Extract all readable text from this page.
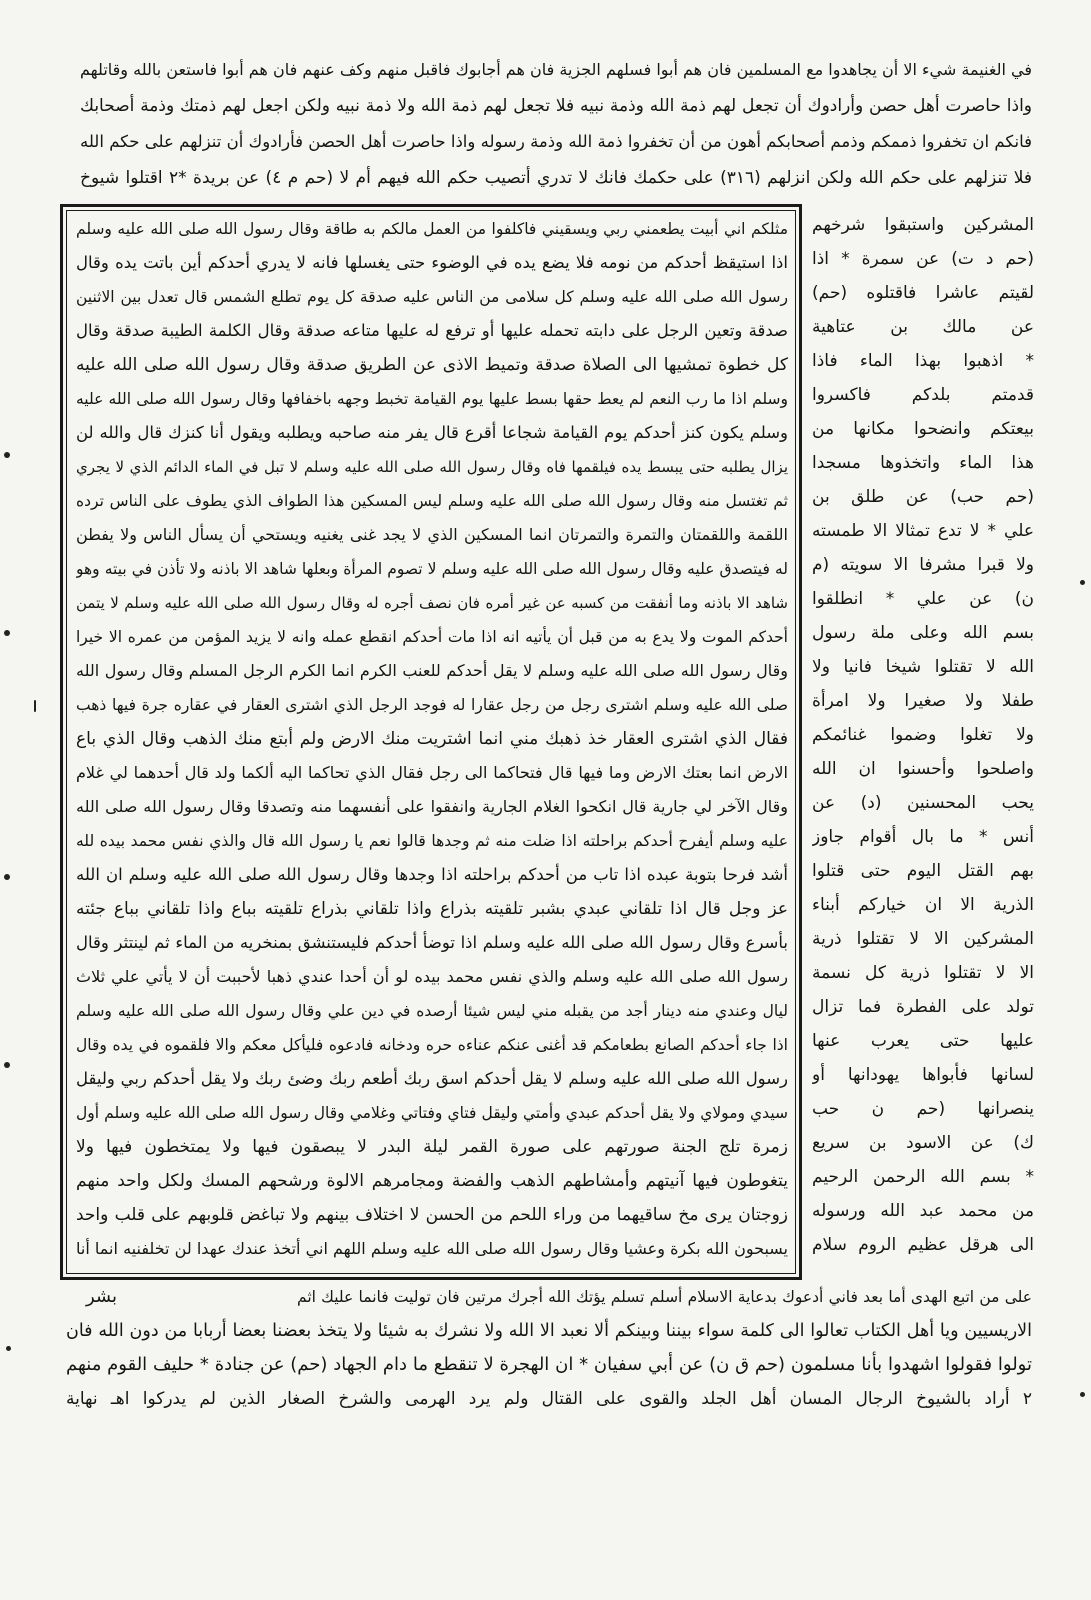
في الغنيمة شيء الا أن يجاهدوا مع المسلمين فان هم أبوا فسلهم الجزية فان هم أجابوك فاقبل منهم وكف عنهم فان هم أبوا فاستعن بالله وقاتلهم
واذا حاصرت أهل حصن وأرادوك أن تجعل لهم ذمة الله وذمة نبيه فلا تجعل لهم ذمة الله ولا ذمة نبيه ولكن اجعل لهم ذمتك وذمة أصحابك
فانكم ان تخفروا ذممكم وذمم أصحابكم أهون من أن تخفروا ذمة الله وذمة رسوله واذا حاصرت أهل الحصن فأرادوك أن تنزلهم على حكم الله
فلا تنزلهم على حكم الله ولكن انزلهم (٣١٦) على حكمك فانك لا تدري أتصيب حكم الله فيهم أم لا (حم م ٤) عن بريدة *٢ اقتلوا شيوخ
مثلكم اني أبيت يطعمني ربي ويسقيني فاكلفوا من العمل مالكم به طاقة وقال رسول الله صلى الله عليه وسلم
اذا استيقظ أحدكم من نومه فلا يضع يده في الوضوء حتى يغسلها فانه لا يدري أحدكم أين باتت يده وقال
رسول الله صلى الله عليه وسلم كل سلامى من الناس عليه صدقة كل يوم تطلع الشمس قال تعدل بين الاثنين
صدقة وتعين الرجل على دابته تحمله عليها أو ترفع له عليها متاعه صدقة وقال الكلمة الطيبة صدقة وقال
كل خطوة تمشيها الى الصلاة صدقة وتميط الاذى عن الطريق صدقة وقال رسول الله صلى الله عليه
وسلم اذا ما رب النعم لم يعط حقها بسط عليها يوم القيامة تخبط وجهه باخفافها وقال رسول الله صلى الله عليه
وسلم يكون كنز أحدكم يوم القيامة شجاعا أقرع قال يفر منه صاحبه ويطلبه ويقول أنا كنزك قال والله لن
يزال يطلبه حتى يبسط يده فيلقمها فاه وقال رسول الله صلى الله عليه وسلم لا تبل في الماء الدائم الذي لا يجري
ثم تغتسل منه وقال رسول الله صلى الله عليه وسلم ليس المسكين هذا الطواف الذي يطوف على الناس ترده
اللقمة واللقمتان والتمرة والتمرتان انما المسكين الذي لا يجد غنى يغنيه ويستحي أن يسأل الناس ولا يفطن
له فيتصدق عليه وقال رسول الله صلى الله عليه وسلم لا تصوم المرأة وبعلها شاهد الا باذنه ولا تأذن في بيته وهو
شاهد الا باذنه وما أنفقت من كسبه عن غير أمره فان نصف أجره له وقال رسول الله صلى الله عليه وسلم لا يتمن
أحدكم الموت ولا يدع به من قبل أن يأتيه انه اذا مات أحدكم انقطع عمله وانه لا يزيد المؤمن من عمره الا خيرا
وقال رسول الله صلى الله عليه وسلم لا يقل أحدكم للعنب الكرم انما الكرم الرجل المسلم وقال رسول الله
صلى الله عليه وسلم اشترى رجل من رجل عقارا له فوجد الرجل الذي اشترى العقار في عقاره جرة فيها ذهب
فقال الذي اشترى العقار خذ ذهبك مني انما اشتريت منك الارض ولم أبتع منك الذهب وقال الذي باع
الارض انما بعتك الارض وما فيها قال فتحاكما الى رجل فقال الذي تحاكما اليه ألكما ولد قال أحدهما لي غلام
وقال الآخر لي جارية قال انكحوا الغلام الجارية وانفقوا على أنفسهما منه وتصدقا وقال رسول الله صلى الله
عليه وسلم أيفرح أحدكم براحلته اذا ضلت منه ثم وجدها قالوا نعم يا رسول الله قال والذي نفس محمد بيده لله
أشد فرحا بتوبة عبده اذا تاب من أحدكم براحلته اذا وجدها وقال رسول الله صلى الله عليه وسلم ان الله
عز وجل قال اذا تلقاني عبدي بشبر تلقيته بذراع واذا تلقاني بذراع تلقيته بباع واذا تلقاني بباع جئته
بأسرع وقال رسول الله صلى الله عليه وسلم اذا توضأ أحدكم فليستنشق بمنخريه من الماء ثم لينتثر وقال
رسول الله صلى الله عليه وسلم والذي نفس محمد بيده لو أن أحدا عندي ذهبا لأحببت أن لا يأتي علي ثلاث
ليال وعندي منه دينار أجد من يقبله مني ليس شيئا أرصده في دين علي وقال رسول الله صلى الله عليه وسلم
اذا جاء أحدكم الصانع بطعامكم قد أغنى عنكم عناءه حره ودخانه فادعوه فليأكل معكم والا فلقموه في يده وقال
رسول الله صلى الله عليه وسلم لا يقل أحدكم اسق ربك أطعم ربك وضئ ربك ولا يقل أحدكم ربي وليقل
سيدي ومولاي ولا يقل أحدكم عبدي وأمتي وليقل فتاي وفتاتي وغلامي وقال رسول الله صلى الله عليه وسلم أول
زمرة تلج الجنة صورتهم على صورة القمر ليلة البدر لا يبصقون فيها ولا يمتخطون فيها ولا
يتغوطون فيها آنيتهم وأمشاطهم الذهب والفضة ومجامرهم الالوة ورشحهم المسك ولكل واحد منهم
زوجتان يرى مخ ساقيهما من وراء اللحم من الحسن لا اختلاف بينهم ولا تباغض قلوبهم على قلب واحد
يسبحون الله بكرة وعشيا وقال رسول الله صلى الله عليه وسلم اللهم اني أتخذ عندك عهدا لن تخلفنيه انما أنا
المشركين واستبقوا شرخهم
(حم د ت) عن سمرة * اذا
لقيتم عاشرا فاقتلوه (حم)
عن مالك بن عتاهية
* اذهبوا بهذا الماء فاذا
قدمتم بلدكم فاكسروا
بيعتكم وانضحوا مكانها من
هذا الماء واتخذوها مسجدا
(حم حب) عن طلق بن
علي * لا تدع تمثالا الا طمسته
ولا قبرا مشرفا الا سويته (م
ن) عن علي * انطلقوا
بسم الله وعلى ملة رسول
الله لا تقتلوا شيخا فانيا ولا
طفلا ولا صغيرا ولا امرأة
ولا تغلوا وضموا غنائمكم
واصلحوا وأحسنوا ان الله
يحب المحسنين (د) عن
أنس * ما بال أقوام جاوز
بهم القتل اليوم حتى قتلوا
الذرية الا ان خياركم أبناء
المشركين الا لا تقتلوا ذرية
الا لا تقتلوا ذرية كل نسمة
تولد على الفطرة فما تزال
عليها حتى يعرب عنها
لسانها فأبواها يهودانها أو
ينصرانها (حم ن حب
ك) عن الاسود بن سريع
* بسم الله الرحمن الرحيم
من محمد عبد الله ورسوله
الى هرقل عظيم الروم سلام
على من اتبع الهدى أما بعد فاني أدعوك بدعاية الاسلام أسلم تسلم يؤتك الله أجرك مرتين فان توليت فانما عليك اثم
بشر
الاريسيين ويا أهل الكتاب تعالوا الى كلمة سواء بيننا وبينكم ألا نعبد الا الله ولا نشرك به شيئا ولا يتخذ بعضنا بعضا أربابا من دون الله فان
تولوا فقولوا اشهدوا بأنا مسلمون (حم ق ن) عن أبي سفيان * ان الهجرة لا تنقطع ما دام الجهاد (حم) عن جنادة * حليف القوم منهم
٢ أراد بالشيوخ الرجال المسان أهل الجلد والقوى على القتال ولم يرد الهرمى والشرخ الصغار الذين لم يدركوا اهـ نهاية
